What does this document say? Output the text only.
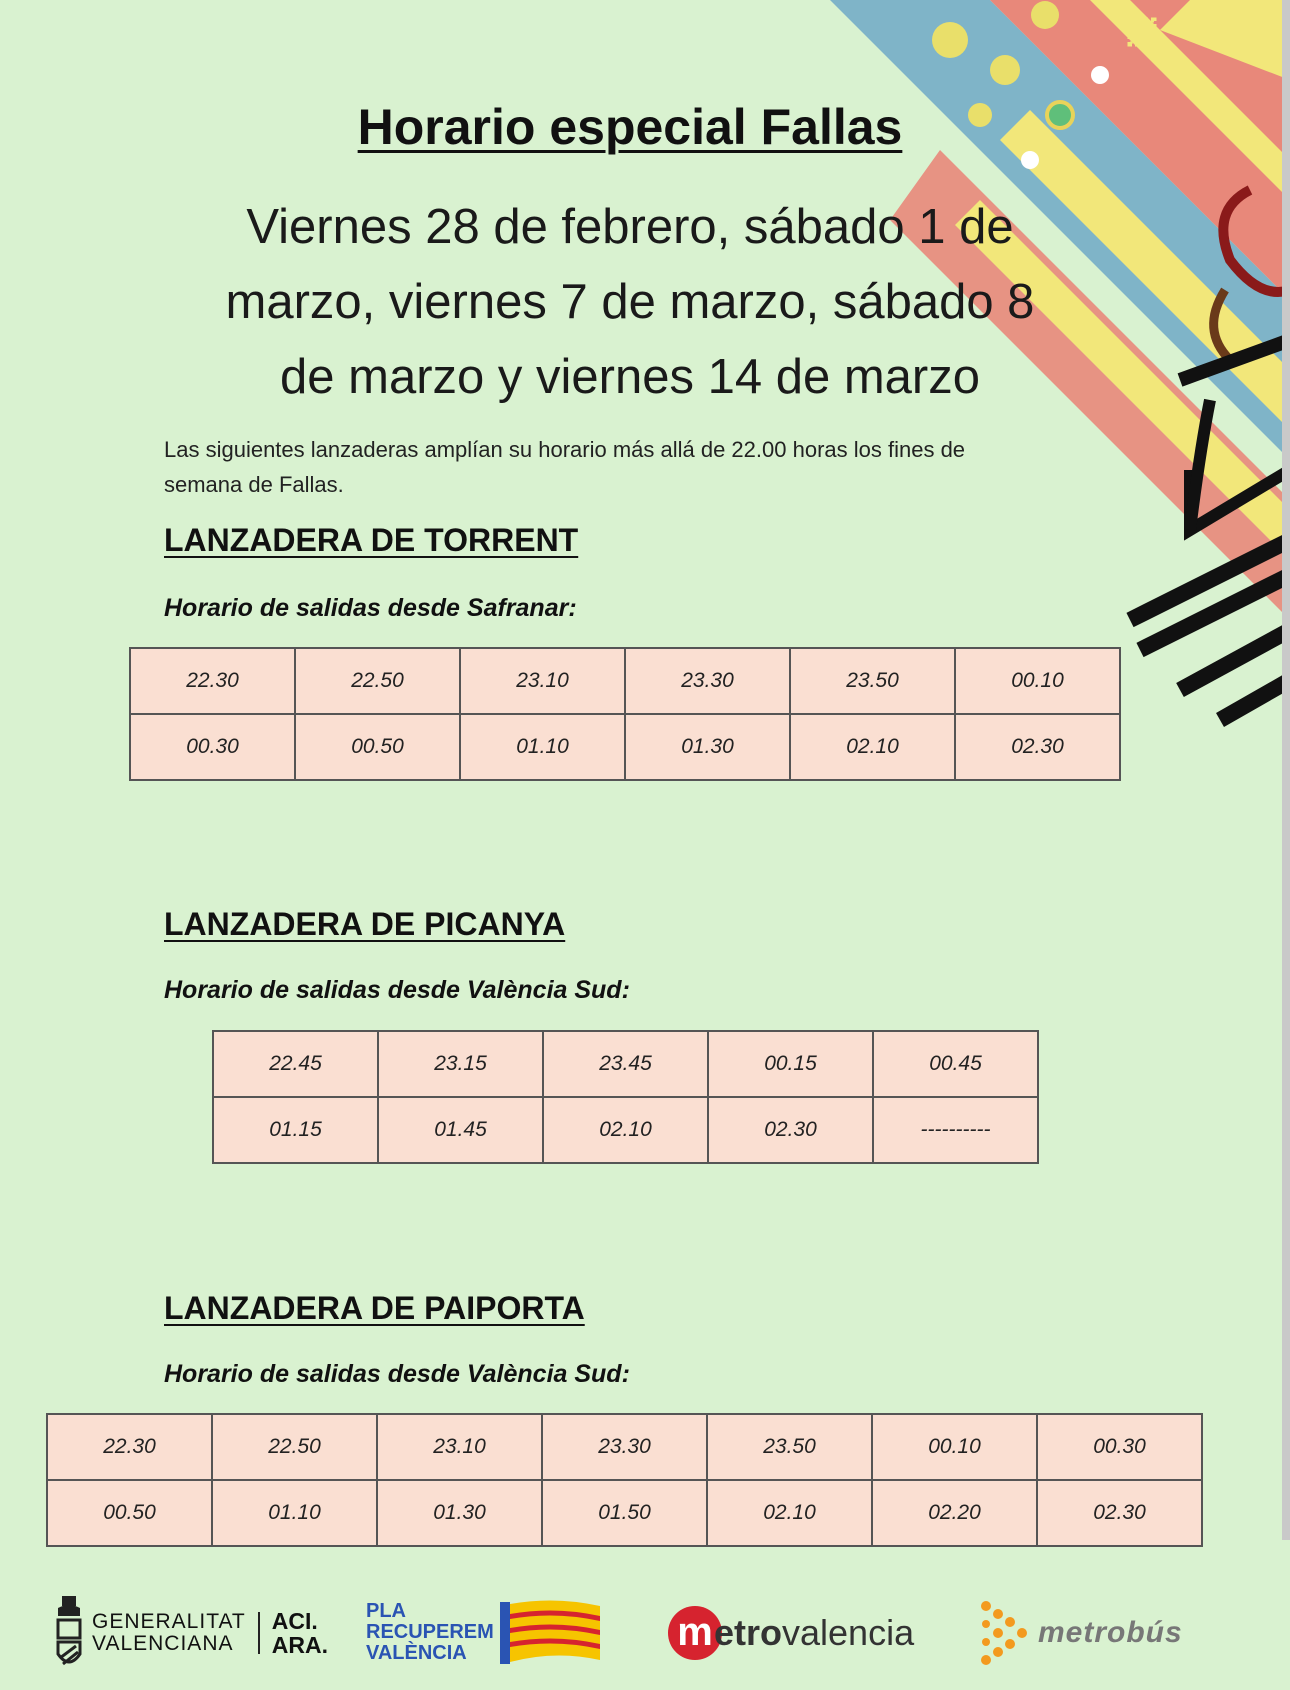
Horario especial Fallas
Viernes 28 de febrero, sábado 1 de
marzo, viernes 7 de marzo, sábado 8
de marzo y viernes 14 de marzo
Las siguientes lanzaderas amplían su horario más allá de 22.00 horas los fines de
semana de Fallas.
LANZADERA DE TORRENT
Horario de salidas desde Safranar:
22.30	22.50	23.10	23.30	23.50	00.10
00.30	00.50	01.10	01.30	02.10	02.30
LANZADERA DE PICANYA
Horario de salidas desde València Sud:
22.45	23.15	23.45	00.15	00.45
01.15	01.45	02.10	02.30	----------
LANZADERA DE PAIPORTA
Horario de salidas desde València Sud:
22.30	22.50	23.10	23.30	23.50	00.10	00.30
00.50	01.10	01.30	01.50	02.10	02.20	02.30
GENERALITAT
VALENCIANA
ACI.
ARA.
PLA
RECUPEREM
VALÈNCIA	m etro valencia	metrobús
